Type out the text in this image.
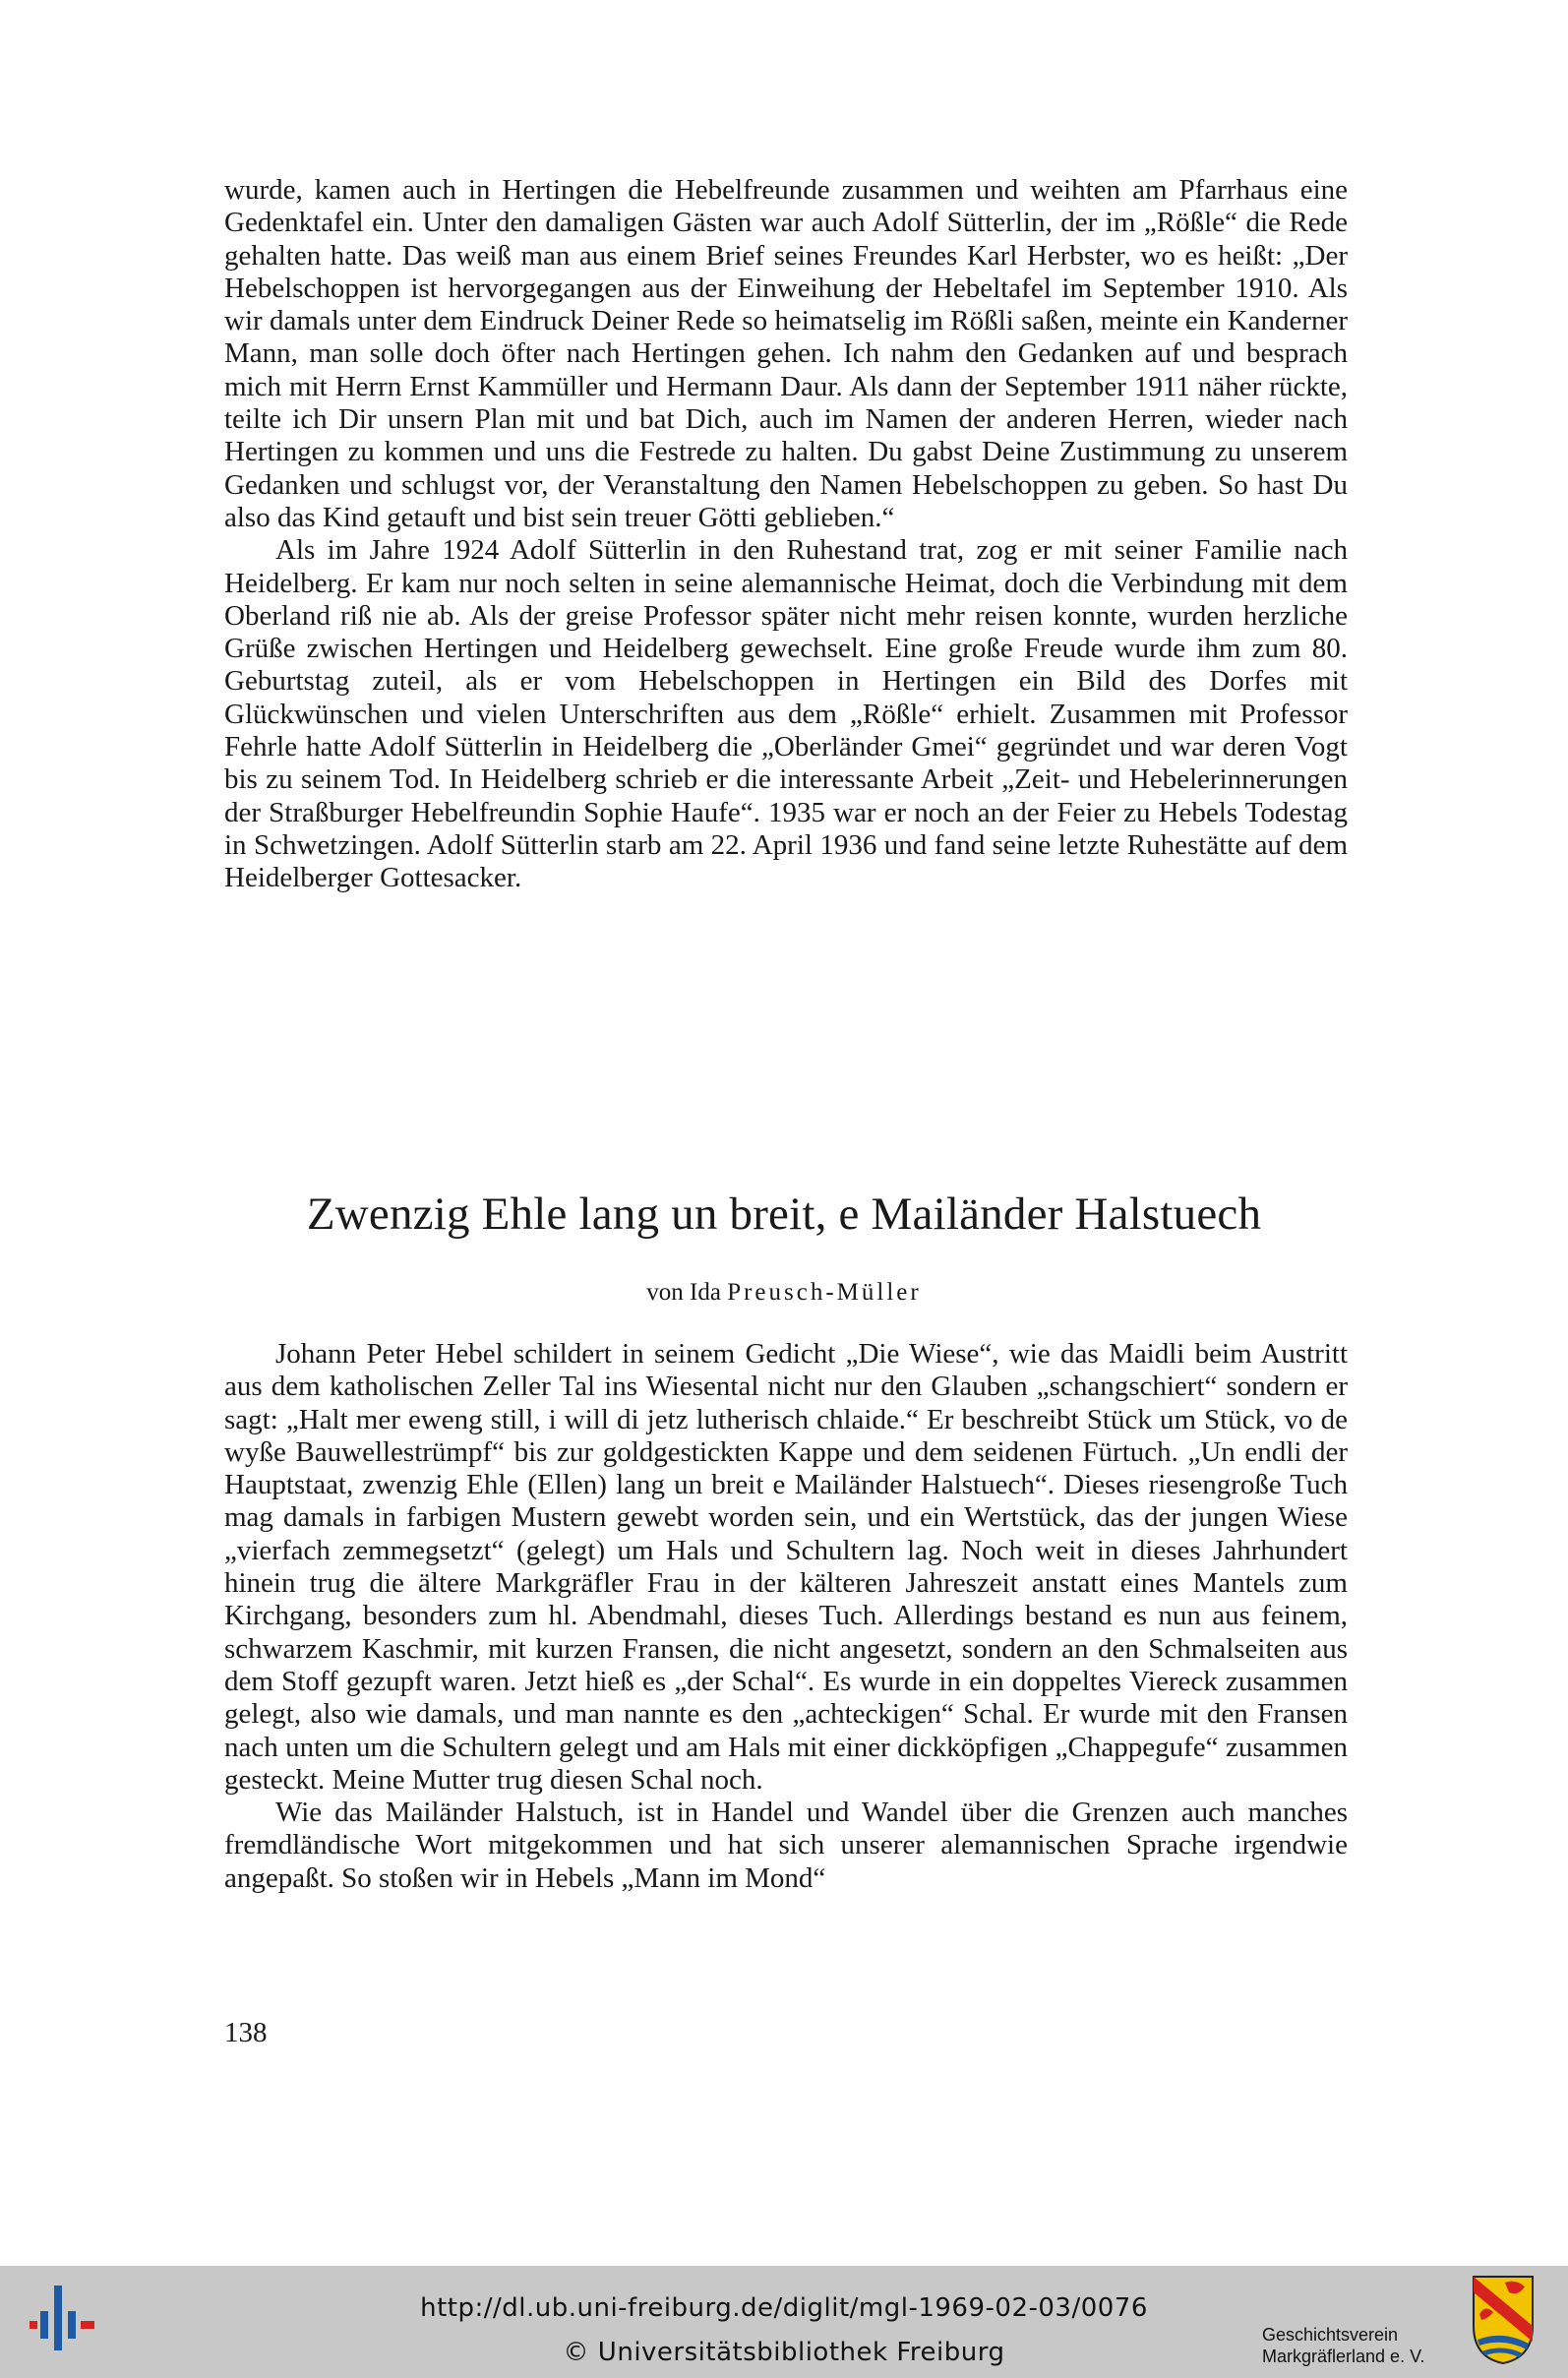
wurde, kamen auch in Hertingen die Hebelfreunde zusammen und weihten am Pfarrhaus eine Gedenktafel ein. Unter den damaligen Gästen war auch Adolf Sütterlin, der im „Rößle“ die Rede gehalten hatte. Das weiß man aus einem Brief seines Freundes Karl Herbster, wo es heißt: „Der Hebelschoppen ist hervorgegangen aus der Einweihung der Hebeltafel im September 1910. Als wir damals unter dem Eindruck Deiner Rede so heimatselig im Rößli saßen, meinte ein Kanderner Mann, man solle doch öfter nach Hertingen gehen. Ich nahm den Gedanken auf und besprach mich mit Herrn Ernst Kammüller und Hermann Daur. Als dann der September 1911 näher rückte, teilte ich Dir unsern Plan mit und bat Dich, auch im Namen der anderen Herren, wieder nach Hertingen zu kommen und uns die Festrede zu halten. Du gabst Deine Zustimmung zu unserem Gedanken und schlugst vor, der Veranstaltung den Namen Hebelschoppen zu geben. So hast Du also das Kind getauft und bist sein treuer Götti geblieben.“

Als im Jahre 1924 Adolf Sütterlin in den Ruhestand trat, zog er mit seiner Familie nach Heidelberg. Er kam nur noch selten in seine alemannische Heimat, doch die Verbindung mit dem Oberland riß nie ab. Als der greise Professor später nicht mehr reisen konnte, wurden herzliche Grüße zwischen Hertingen und Heidelberg gewechselt. Eine große Freude wurde ihm zum 80. Geburtstag zuteil, als er vom Hebelschoppen in Hertingen ein Bild des Dorfes mit Glückwünschen und vielen Unterschriften aus dem „Rößle“ erhielt. Zusammen mit Professor Fehrle hatte Adolf Sütterlin in Heidelberg die „Oberländer Gmei“ gegründet und war deren Vogt bis zu seinem Tod. In Heidelberg schrieb er die interessante Arbeit „Zeit- und Hebelerinnerungen der Straßburger Hebelfreundin Sophie Haufe“. 1935 war er noch an der Feier zu Hebels Todestag in Schwetzingen. Adolf Sütterlin starb am 22. April 1936 und fand seine letzte Ruhestätte auf dem Heidelberger Gottesacker.

Zwenzig Ehle lang un breit, e Mailänder Halstuech
von Ida Preusch-Müller

Johann Peter Hebel schildert in seinem Gedicht „Die Wiese“, wie das Maidli beim Austritt aus dem katholischen Zeller Tal ins Wiesental nicht nur den Glauben „schangschiert“ sondern er sagt: „Halt mer eweng still, i will di jetz lutherisch chlaide.“ Er beschreibt Stück um Stück, vo de wyße Bauwellestrümpf“ bis zur goldgestickten Kappe und dem seidenen Fürtuch. „Un endli der Hauptstaat, zwenzig Ehle (Ellen) lang un breit e Mailänder Halstuech“. Dieses riesengroße Tuch mag damals in farbigen Mustern gewebt worden sein, und ein Wertstück, das der jungen Wiese „vierfach zemmegsetzt“ (gelegt) um Hals und Schultern lag. Noch weit in dieses Jahrhundert hinein trug die ältere Markgräfler Frau in der kälteren Jahreszeit anstatt eines Mantels zum Kirchgang, besonders zum hl. Abendmahl, dieses Tuch. Allerdings bestand es nun aus feinem, schwarzem Kaschmir, mit kurzen Fransen, die nicht angesetzt, sondern an den Schmalseiten aus dem Stoff gezupft waren. Jetzt hieß es „der Schal“. Es wurde in ein doppeltes Viereck zusammen gelegt, also wie damals, und man nannte es den „achteckigen“ Schal. Er wurde mit den Fransen nach unten um die Schultern gelegt und am Hals mit einer dickköpfigen „Chappegufe“ zusammen gesteckt. Meine Mutter trug diesen Schal noch.

Wie das Mailänder Halstuch, ist in Handel und Wandel über die Grenzen auch manches fremdländische Wort mitgekommen und hat sich unserer alemannischen Sprache irgendwie angepaßt. So stoßen wir in Hebels „Mann im Mond“

138
http://dl.ub.uni-freiburg.de/diglit/mgl-1969-02-03/0076
© Universitätsbibliothek Freiburg
Geschichtsverein
Markgräflerland e. V.
